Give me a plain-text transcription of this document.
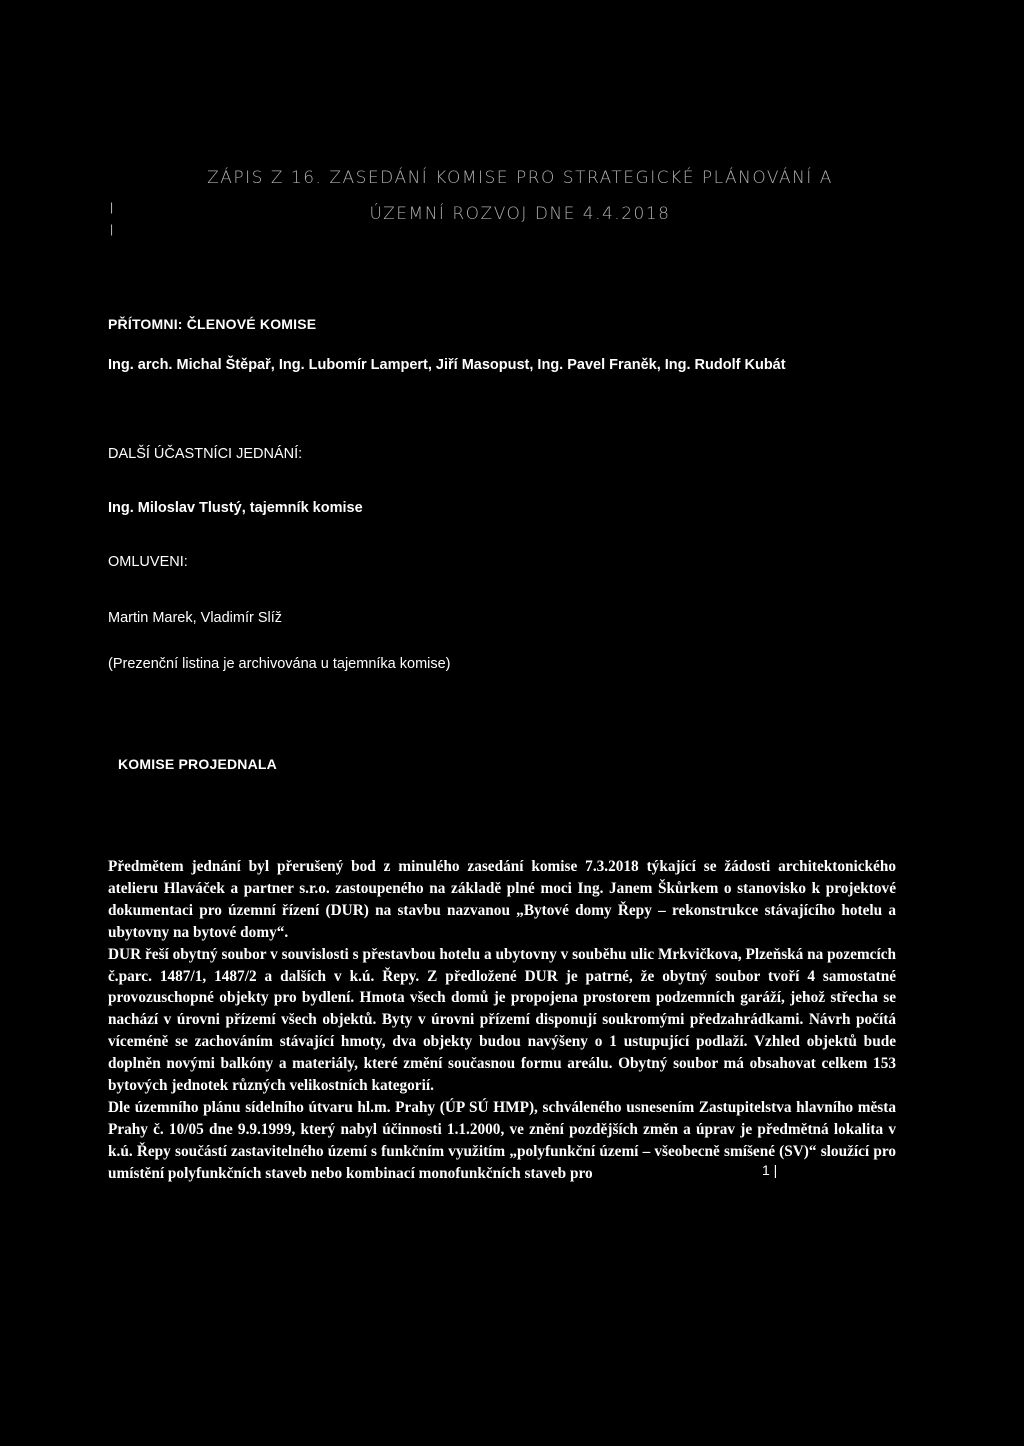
ZÁPIS Z 16. ZASEDÁNÍ KOMISE PRO STRATEGICKÉ PLÁNOVÁNÍ A
ÚZEMNÍ ROZVOJ DNE 4.4.2018
|
|
PŘÍTOMNI: ČLENOVÉ KOMISE
Ing. arch. Michal Štěpař, Ing. Lubomír Lampert, Jiří Masopust, Ing. Pavel Franěk, Ing. Rudolf Kubát
DALŠÍ ÚČASTNÍCI JEDNÁNÍ:
Ing. Miloslav Tlustý, tajemník komise
OMLUVENI:
Martin Marek, Vladimír Slíž
(Prezenční listina je archivována u tajemníka komise)
KOMISE PROJEDNALA

Předmětem jednání byl přerušený bod z minulého zasedání komise 7.3.2018 týkající se žádosti architektonického atelieru Hlaváček a partner s.r.o. zastoupeného na základě plné moci Ing. Janem Škůrkem o stanovisko k projektové dokumentaci pro územní řízení (DUR) na stavbu nazvanou „Bytové domy Řepy – rekonstrukce stávajícího hotelu a ubytovny na bytové domy“.

DUR řeší obytný soubor v souvislosti s přestavbou hotelu a ubytovny v souběhu ulic Mrkvičkova, Plzeňská na pozemcích č.parc. 1487/1, 1487/2 a dalších v k.ú. Řepy. Z předložené DUR je patrné, že obytný soubor tvoří 4 samostatné provozuschopné objekty pro bydlení. Hmota všech domů je propojena prostorem podzemních garáží, jehož střecha se nachází v úrovni přízemí všech objektů. Byty v úrovni přízemí disponují soukromými předzahrádkami. Návrh počítá víceméně se zachováním stávající hmoty, dva objekty budou navýšeny o 1 ustupující podlaží. Vzhled objektů bude doplněn novými balkóny a materiály, které změní současnou formu areálu. Obytný soubor má obsahovat celkem 153 bytových jednotek různých velikostních kategorií.

Dle územního plánu sídelního útvaru hl.m. Prahy (ÚP SÚ HMP), schváleného usnesením Zastupitelstva hlavního města Prahy č. 10/05 dne 9.9.1999, který nabyl účinnosti 1.1.2000, ve znění pozdějších změn a úprav je předmětná lokalita v k.ú. Řepy součástí zastavitelného území s funkčním využitím „polyfunkční území – všeobecně smíšené (SV)“ sloužící pro umístění polyfunkčních staveb nebo kombinací monofunkčních staveb pro	1 |
